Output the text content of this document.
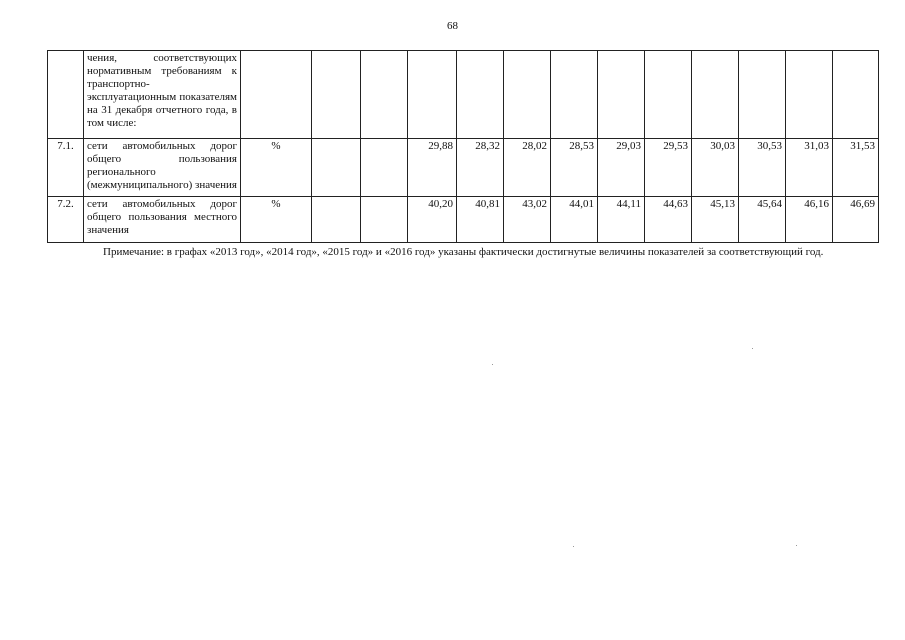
68
	чения, соответствующих нормативным требованиям к транспортно-эксплуатационным показателям на 31 декабря отчетного года, в том числе:													
7.1.	сети автомобильных дорог общего пользования регионального (межмуниципального) значения	%			29,88	28,32	28,02	28,53	29,03	29,53	30,03	30,53	31,03	31,53
7.2.	сети автомобильных дорог общего пользования местного значения	%			40,20	40,81	43,02	44,01	44,11	44,63	45,13	45,64	46,16	46,69
Примечание: в графах «2013 год», «2014 год», «2015 год» и «2016 год» указаны фактически достигнутые величины показателей за соответствующий год.
